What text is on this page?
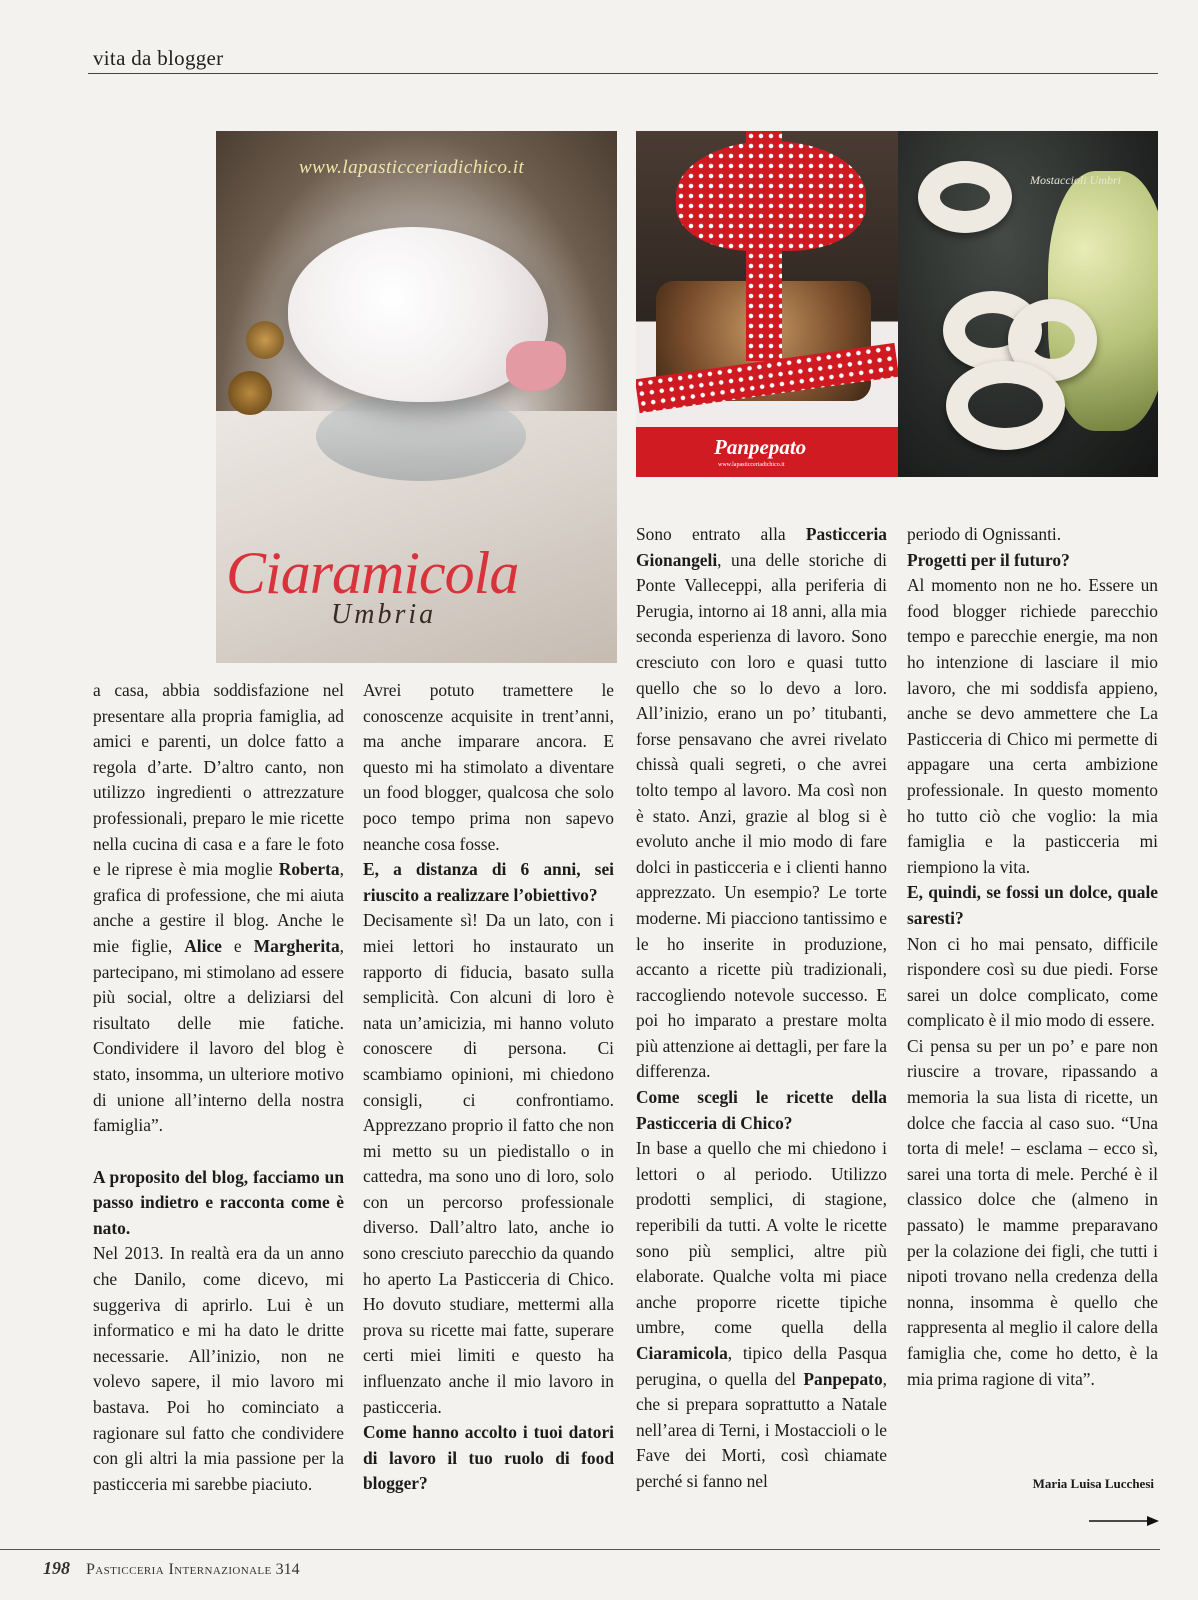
vita da blogger
www.lapasticceriadichico.it
Ciaramicola
Umbria
Panpepato
www.lapasticceriadichico.it
Mostaccioli Umbri

a casa, abbia soddisfazione nel presentare alla propria famiglia, ad amici e parenti, un dolce fatto a regola d’arte. D’altro canto, non utilizzo ingredienti o attrezzature professionali, preparo le mie ricette nella cucina di casa e a fare le foto e le riprese è mia moglie Roberta, grafica di professione, che mi aiuta anche a gestire il blog. Anche le mie figlie, Alice e Margherita, partecipano, mi stimolano ad essere più social, oltre a deliziarsi del risultato delle mie fatiche. Condividere il lavoro del blog è stato, insomma, un ulteriore motivo di unione all’interno della nostra famiglia”.

A proposito del blog, facciamo un passo indietro e racconta come è nato.

Nel 2013. In realtà era da un anno che Danilo, come dicevo, mi suggeriva di aprirlo. Lui è un informatico e mi ha dato le dritte necessarie. All’inizio, non ne volevo sapere, il mio lavoro mi bastava. Poi ho cominciato a ragionare sul fatto che condividere con gli altri la mia passione per la pasticceria mi sarebbe piaciuto.

Avrei potuto tramettere le conoscenze acquisite in trent’anni, ma anche imparare ancora. E questo mi ha stimolato a diventare un food blogger, qualcosa che solo poco tempo prima non sapevo neanche cosa fosse.

E, a distanza di 6 anni, sei riuscito a realizzare l’obiettivo?

Decisamente sì! Da un lato, con i miei lettori ho instaurato un rapporto di fiducia, basato sulla semplicità. Con alcuni di loro è nata un’amicizia, mi hanno voluto conoscere di persona. Ci scambiamo opinioni, mi chiedono consigli, ci confrontiamo. Apprezzano proprio il fatto che non mi metto su un piedistallo o in cattedra, ma sono uno di loro, solo con un percorso professionale diverso. Dall’altro lato, anche io sono cresciuto parecchio da quando ho aperto La Pasticceria di Chico. Ho dovuto studiare, mettermi alla prova su ricette mai fatte, superare certi miei limiti e questo ha influenzato anche il mio lavoro in pasticceria.

Come hanno accolto i tuoi datori di lavoro il tuo ruolo di food blogger?

Sono entrato alla Pasticceria Gionangeli, una delle storiche di Ponte Valleceppi, alla periferia di Perugia, intorno ai 18 anni, alla mia seconda esperienza di lavoro. Sono cresciuto con loro e quasi tutto quello che so lo devo a loro. All’inizio, erano un po’ titubanti, forse pensavano che avrei rivelato chissà quali segreti, o che avrei tolto tempo al lavoro. Ma così non è stato. Anzi, grazie al blog si è evoluto anche il mio modo di fare dolci in pasticceria e i clienti hanno apprezzato. Un esempio? Le torte moderne. Mi piacciono tantissimo e le ho inserite in produzione, accanto a ricette più tradizionali, raccogliendo notevole successo. E poi ho imparato a prestare molta più attenzione ai dettagli, per fare la differenza.

Come scegli le ricette della Pasticceria di Chico?

In base a quello che mi chiedono i lettori o al periodo. Utilizzo prodotti semplici, di stagione, reperibili da tutti. A volte le ricette sono più semplici, altre più elaborate. Qualche volta mi piace anche proporre ricette tipiche umbre, come quella della Ciaramicola, tipico della Pasqua perugina, o quella del Panpepato, che si prepara soprattutto a Natale nell’area di Terni, i Mostaccioli o le Fave dei Morti, così chiamate perché si fanno nel

periodo di Ognissanti.

Progetti per il futuro?

Al momento non ne ho. Essere un food blogger richiede parecchio tempo e parecchie energie, ma non ho intenzione di lasciare il mio lavoro, che mi soddisfa appieno, anche se devo ammettere che La Pasticceria di Chico mi permette di appagare una certa ambizione professionale. In questo momento ho tutto ciò che voglio: la mia famiglia e la pasticceria mi riempiono la vita.

E, quindi, se fossi un dolce, quale saresti?

Non ci ho mai pensato, difficile rispondere così su due piedi. Forse sarei un dolce complicato, come complicato è il mio modo di essere.

Ci pensa su per un po’ e pare non riuscire a trovare, ripassando a memoria la sua lista di ricette, un dolce che faccia al caso suo. “Una torta di mele! – esclama – ecco sì, sarei una torta di mele. Perché è il classico dolce che (almeno in passato) le mamme preparavano per la colazione dei figli, che tutti i nipoti trovano nella credenza della nonna, insomma è quello che rappresenta al meglio il calore della famiglia che, come ho detto, è la mia prima ragione di vita”.

Maria Luisa Lucchesi
198 Pasticceria Internazionale 314
